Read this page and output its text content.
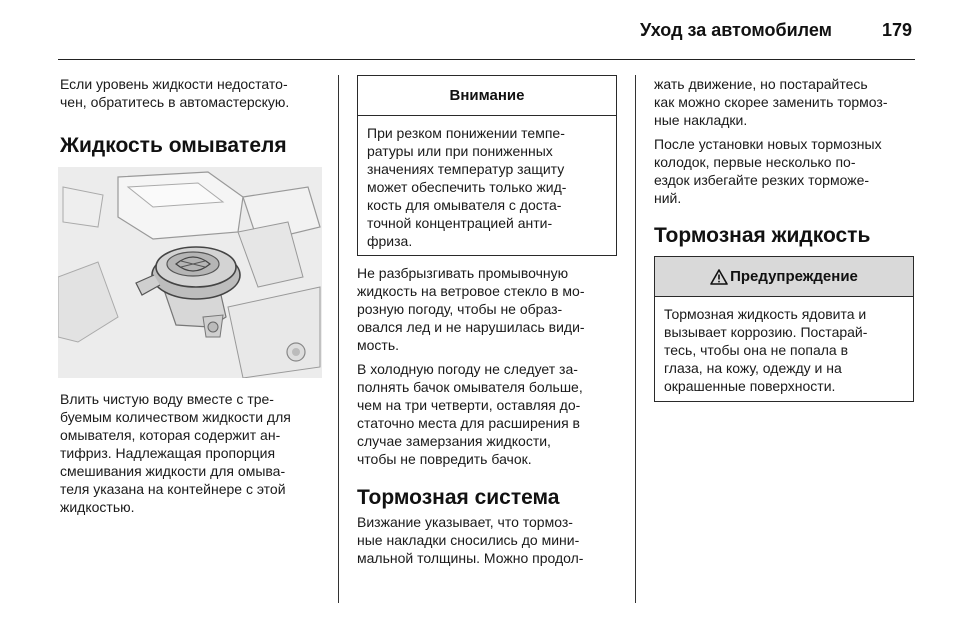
Уход за автомобилем	179

Если уровень жидкости недостато-
чен, обратитесь в автомастерскую.

Жидкость омывателя

Влить чистую воду вместе с тре-
буемым количеством жидкости для
омывателя, которая содержит ан-
тифриз. Надлежащая пропорция
смешивания жидкости для омыва-
теля указана на контейнере с этой
жидкостью.

Внимание

При резком понижении темпе-
ратуры или при пониженных
значениях температур защиту
может обеспечить только жид-
кость для омывателя с доста-
точной концентрацией анти-
фриза.

Не разбрызгивать промывочную
жидкость на ветровое стекло в мо-
розную погоду, чтобы не образ-
овался лед и не нарушилась види-
мость.

В холодную погоду не следует за-
полнять бачок омывателя больше,
чем на три четверти, оставляя до-
статочно места для расширения в
случае замерзания жидкости,
чтобы не повредить бачок.

Тормозная система

Визжание указывает, что тормоз-
ные накладки сносились до мини-
мальной толщины. Можно продол-

жать движение, но постарайтесь
как можно скорее заменить тормоз-
ные накладки.

После установки новых тормозных
колодок, первые несколько по-
ездок избегайте резких торможе-
ний.

Тормозная жидкость
Предупреждение

Тормозная жидкость ядовита и
вызывает коррозию. Постарай-
тесь, чтобы она не попала в
глаза, на кожу, одежду и на
окрашенные поверхности.
